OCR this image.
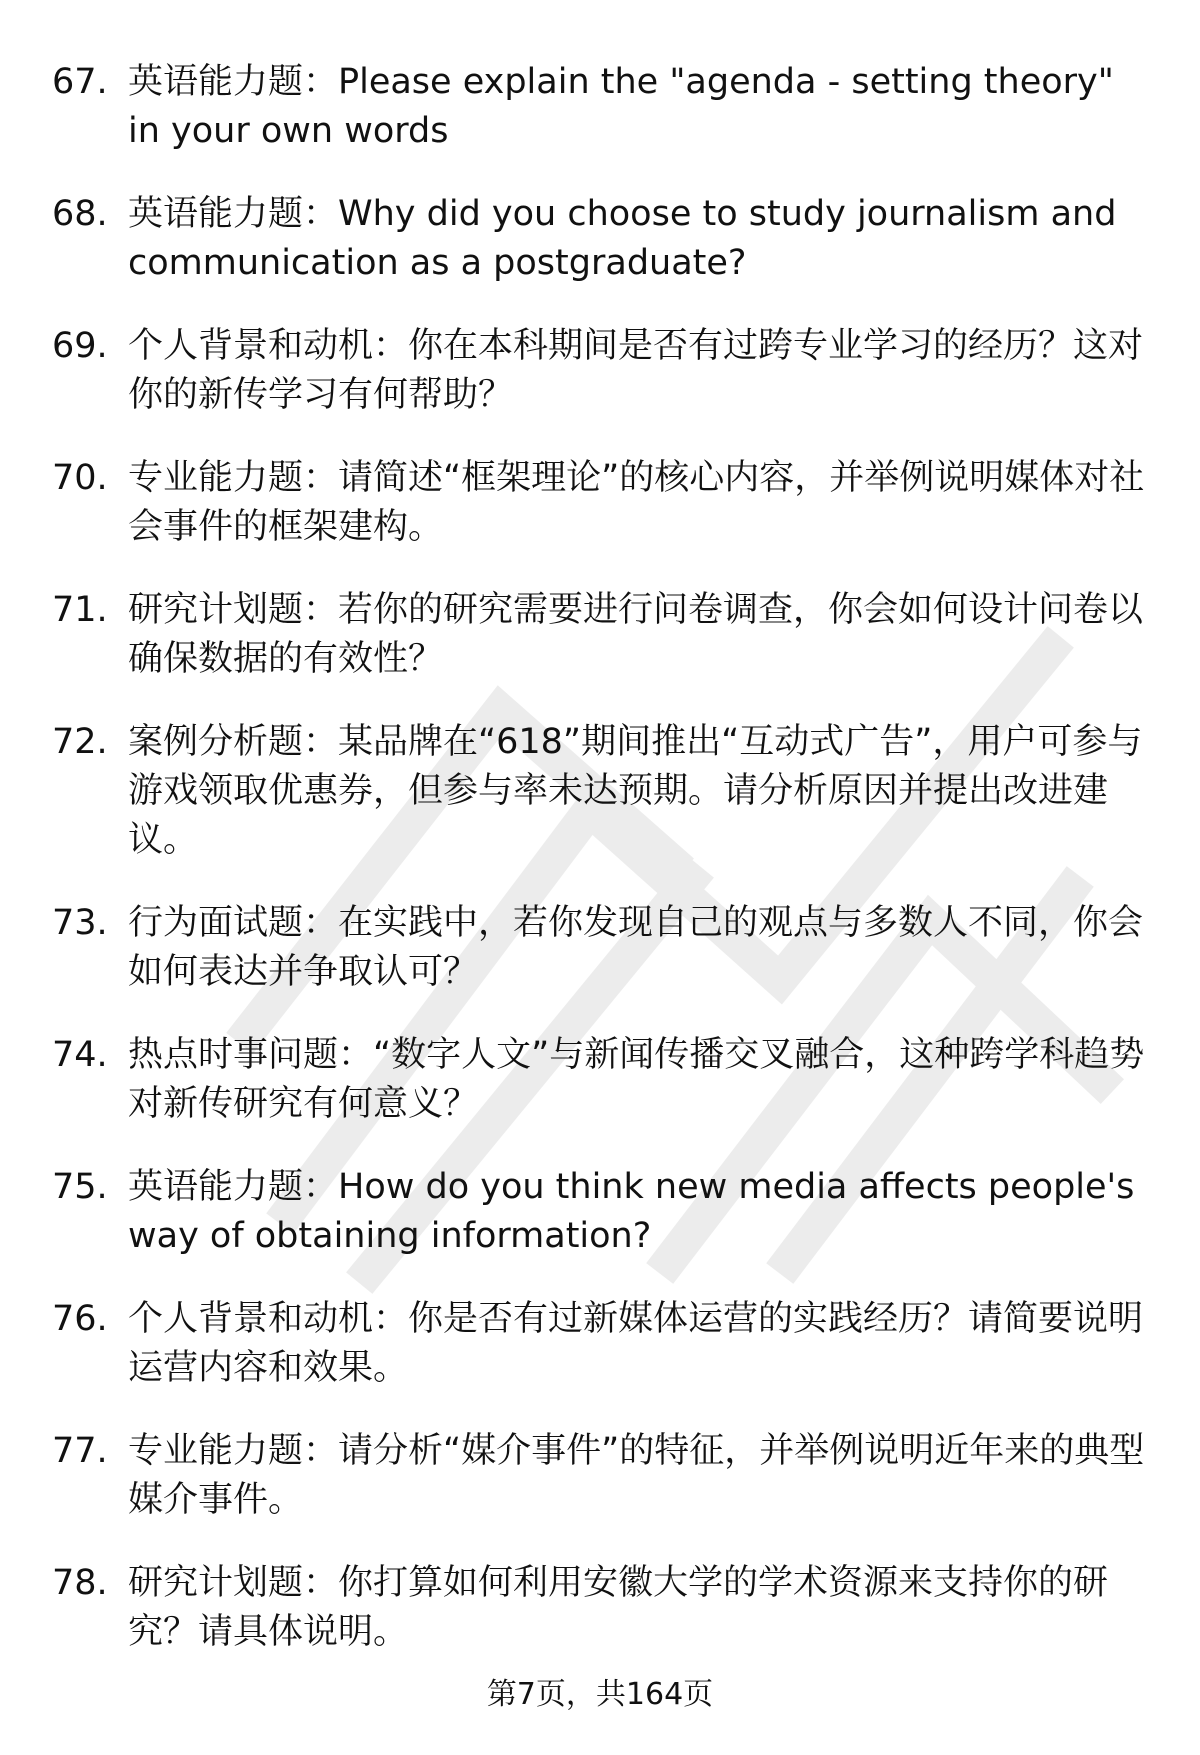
67. 英语能力题：Please explain the "agenda - setting theory" in your own words
68. 英语能力题：Why did you choose to study journalism and communication as a postgraduate?
69. 个人背景和动机：你在本科期间是否有过跨专业学习的经历？这对你的新传学习有何帮助？
70. 专业能力题：请简述“框架理论”的核心内容，并举例说明媒体对社会事件的框架建构。
71. 研究计划题：若你的研究需要进行问卷调查，你会如何设计问卷以确保数据的有效性？
72. 案例分析题：某品牌在“618”期间推出“互动式广告”，用户可参与游戏领取优惠券，但参与率未达预期。请分析原因并提出改进建议。
73. 行为面试题：在实践中，若你发现自己的观点与多数人不同，你会如何表达并争取认可？
74. 热点时事问题：“数字人文”与新闻传播交叉融合，这种跨学科趋势对新传研究有何意义？
75. 英语能力题：How do you think new media affects people's way of obtaining information?
76. 个人背景和动机：你是否有过新媒体运营的实践经历？请简要说明运营内容和效果。
77. 专业能力题：请分析“媒介事件”的特征，并举例说明近年来的典型媒介事件。
78. 研究计划题：你打算如何利用安徽大学的学术资源来支持你的研究？请具体说明。
第7页，共164页
